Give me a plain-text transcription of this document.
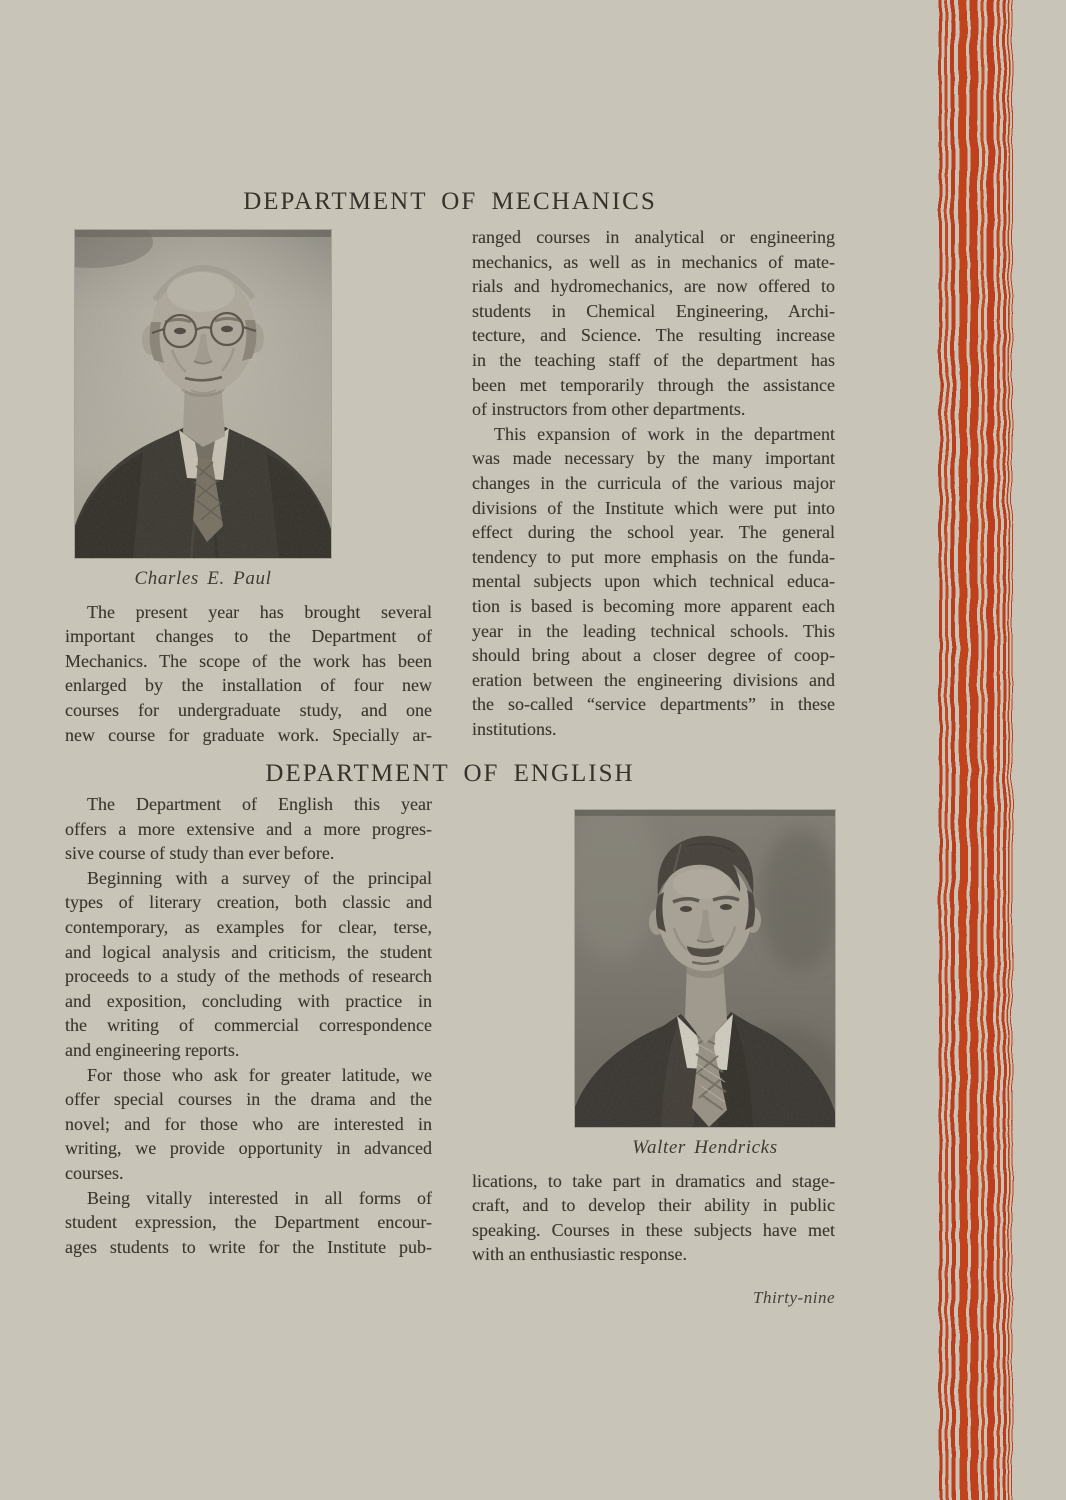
DEPARTMENT OF MECHANICS
Charles E. Paul
The present year has brought several
important changes to the Department of
Mechanics. The scope of the work has been
enlarged by the installation of four new
courses for undergraduate study, and one
new course for graduate work. Specially ar-
ranged courses in analytical or engineering
mechanics, as well as in mechanics of mate-
rials and hydromechanics, are now offered to
students in Chemical Engineering, Archi-
tecture, and Science. The resulting increase
in the teaching staff of the department has
been met temporarily through the assistance
of instructors from other departments.
This expansion of work in the department
was made necessary by the many important
changes in the curricula of the various major
divisions of the Institute which were put into
effect during the school year. The general
tendency to put more emphasis on the funda-
mental subjects upon which technical educa-
tion is based is becoming more apparent each
year in the leading technical schools. This
should bring about a closer degree of coop-
eration between the engineering divisions and
the so-called “service departments” in these
institutions.
DEPARTMENT OF ENGLISH
The Department of English this year
offers a more extensive and a more progres-
sive course of study than ever before.
Beginning with a survey of the principal
types of literary creation, both classic and
contemporary, as examples for clear, terse,
and logical analysis and criticism, the student
proceeds to a study of the methods of research
and exposition, concluding with practice in
the writing of commercial correspondence
and engineering reports.
For those who ask for greater latitude, we
offer special courses in the drama and the
novel; and for those who are interested in
writing, we provide opportunity in advanced
courses.
Being vitally interested in all forms of
student expression, the Department encour-
ages students to write for the Institute pub-
Walter Hendricks
lications, to take part in dramatics and stage-
craft, and to develop their ability in public
speaking. Courses in these subjects have met
with an enthusiastic response.
Thirty-nine
